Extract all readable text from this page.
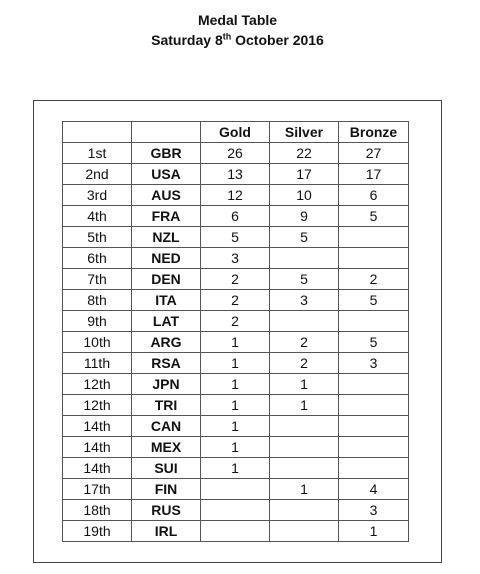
Medal Table
Saturday 8th October 2016
		Gold	Silver	Bronze
1st	GBR	26	22	27
2nd	USA	13	17	17
3rd	AUS	12	10	6
4th	FRA	6	9	5
5th	NZL	5	5	
6th	NED	3		
7th	DEN	2	5	2
8th	ITA	2	3	5
9th	LAT	2		
10th	ARG	1	2	5
11th	RSA	1	2	3
12th	JPN	1	1	
12th	TRI	1	1	
14th	CAN	1		
14th	MEX	1		
14th	SUI	1		
17th	FIN		1	4
18th	RUS			3
19th	IRL			1
